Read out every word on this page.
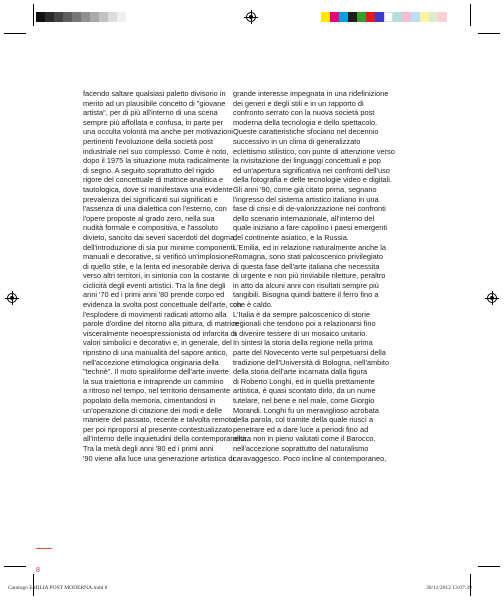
facendo saltare qualsiasi paletto divisorio in

merito ad un plausibile concetto di "giovane

artista", per di più all'interno di una scena

sempre più affollata e confusa, in parte per

una occulta volontà ma anche per motivazioni

pertinenti l'evoluzione della società post

industriale nel suo complesso. Come è noto,

dopo il 1975 la situazione muta radicalmente

di segno. A seguito soprattutto del rigido

rigore del concettuale di matrice analitica e

tautologica, dove si manifestava una evidente

prevalenza dei significanti sui significati e

l'assenza di una dialettica con l'esterno, con

l'opere proposte al grado zero, nella sua

nudità formale e compositiva, e l'assoluto

divieto, sancito dai severi sacerdoti del dogma,

dell'introduzione di sia pur minime componenti

manuali e decorative, si verificò un'implosione

di quello stile, e la lenta ed inesorabile deriva

verso altri territori, in sintonia con la costante

ciclicità degli eventi artistici. Tra la fine degli

anni '70 ed i primi anni '80 prende corpo ed

evidenza la svolta post concettuale dell'arte, con

l'esplodere di movimenti radicati attorno alla

parole d'ordine del ritorno alla pittura, di matrice

visceralmente neoespressionista od infarcita di

valori simbolici e decorativi e, in generale, del

ripristino di una manualità del sapore antico,

nell'accezione etimologica originaria della

"technè". Il moto spiraliforme dell'arte inverte

la sua traiettoria e intraprende un cammino

a ritroso nel tempo, nel territorio densamente

popolato della memoria, cimentandosi in

un'operazione di citazione dei modi e delle

maniere del passato, recente e talvolta remoto,

per poi riproporsi al presente contestualizzato

all'interno delle inquietudini della contemporaneità.

Tra la metà degli anni '80 ed i primi anni

'90 viene alla luce una generazione artistica di

grande interesse impegnata in una ridefinizione

dei generi e degli stili e in un rapporto di

confronto serrato con la nuova società post

moderna della tecnologia e dello spettacolo.

Queste caratteristiche sfociano nel decennio

successivo in un clima di generalizzato

eclettismo stilistico, con punte di attenzione verso

la rivisitazione dei linguaggi concettuali e pop

ed un'apertura significativa nei confronti dell'uso

della fotografia e delle tecnologie video e digitali.

Gli anni '90, come già citato prima, segnano

l'ingresso del sistema artistico italiano in una

fase di crisi e di de-valorizzazione nei confronti

dello scenario internazionale, all'interno del

quale iniziano a fare capolino i paesi emergenti

del continente asiatico, e la Russia.

L'Emilia, ed in relazione naturalmente anche la

Romagna, sono stati palcoscenico privilegiato

di questa fase dell'arte italiana che necessita

di urgente e non più rinviabile riletture, peraltro

in atto da alcuni anni con risultati sempre più

tangibili. Bisogna quindi battere il ferro fino a

che è caldo.

L'Italia è da sempre palcoscenico di storie

regionali che tendono poi a relazionarsi fino

a divenire tessere di un mosaico unitario.

In sintesi la storia della regione nella prima

parte del Novecento verte sul perpetuarsi della

tradizione dell'Università di Bologna, nell'ambito

della storia dell'arte incarnata dalla figura

di Roberto Longhi, ed in quella prettamente

artistica, è quasi scontato dirlo, da un nume

tutelare, nel bene e nel male, come Giorgio

Morandi. Longhi fu un meraviglioso acrobata

della parola, col tramite della quale riuscì a

penetrare ed a dare luce a periodi fino ad

allora non in pieno valutati come il Barocco,

nell'accezione soprattutto del naturalismo

caravaggesco. Poco incline al contemporaneo,

8
Catalogo EMILIA POST MODERNA.indd 8	30/11/2012 13:07:39
